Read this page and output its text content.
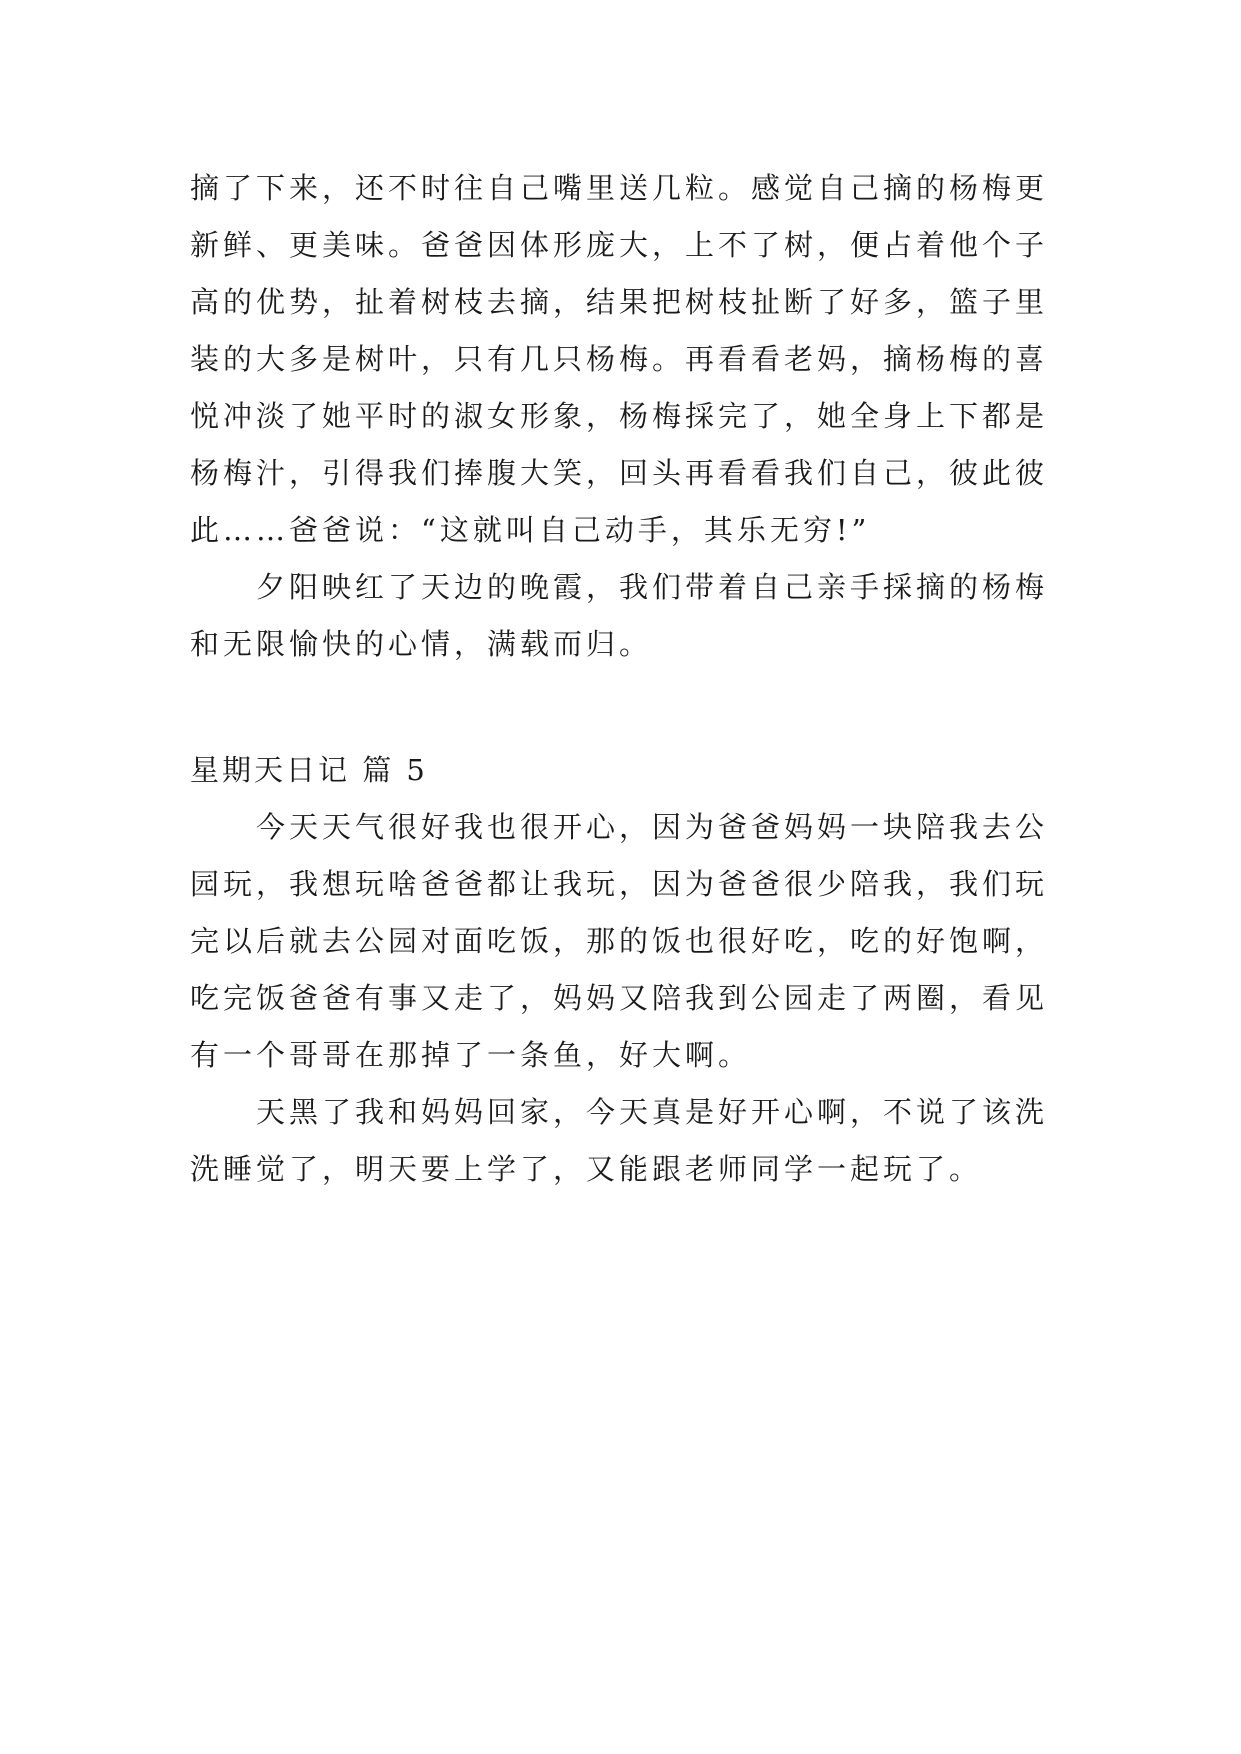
摘了下来，还不时往自己嘴里送几粒。感觉自己摘的杨梅更新鲜、更美味。爸爸因体形庞大，上不了树，便占着他个子高的优势，扯着树枝去摘，结果把树枝扯断了好多，篮子里装的大多是树叶，只有几只杨梅。再看看老妈，摘杨梅的喜悦冲淡了她平时的淑女形象，杨梅採完了，她全身上下都是杨梅汁，引得我们捧腹大笑，回头再看看我们自己，彼此彼此……爸爸说：“这就叫自己动手，其乐无穷!”

夕阳映红了天边的晚霞，我们带着自己亲手採摘的杨梅和无限愉快的心情，满载而归。

星期天日记 篇 5

今天天气很好我也很开心，因为爸爸妈妈一块陪我去公园玩，我想玩啥爸爸都让我玩，因为爸爸很少陪我，我们玩完以后就去公园对面吃饭，那的饭也很好吃，吃的好饱啊，吃完饭爸爸有事又走了，妈妈又陪我到公园走了两圈，看见有一个哥哥在那掉了一条鱼，好大啊。

天黑了我和妈妈回家，今天真是好开心啊，不说了该洗洗睡觉了，明天要上学了，又能跟老师同学一起玩了。
